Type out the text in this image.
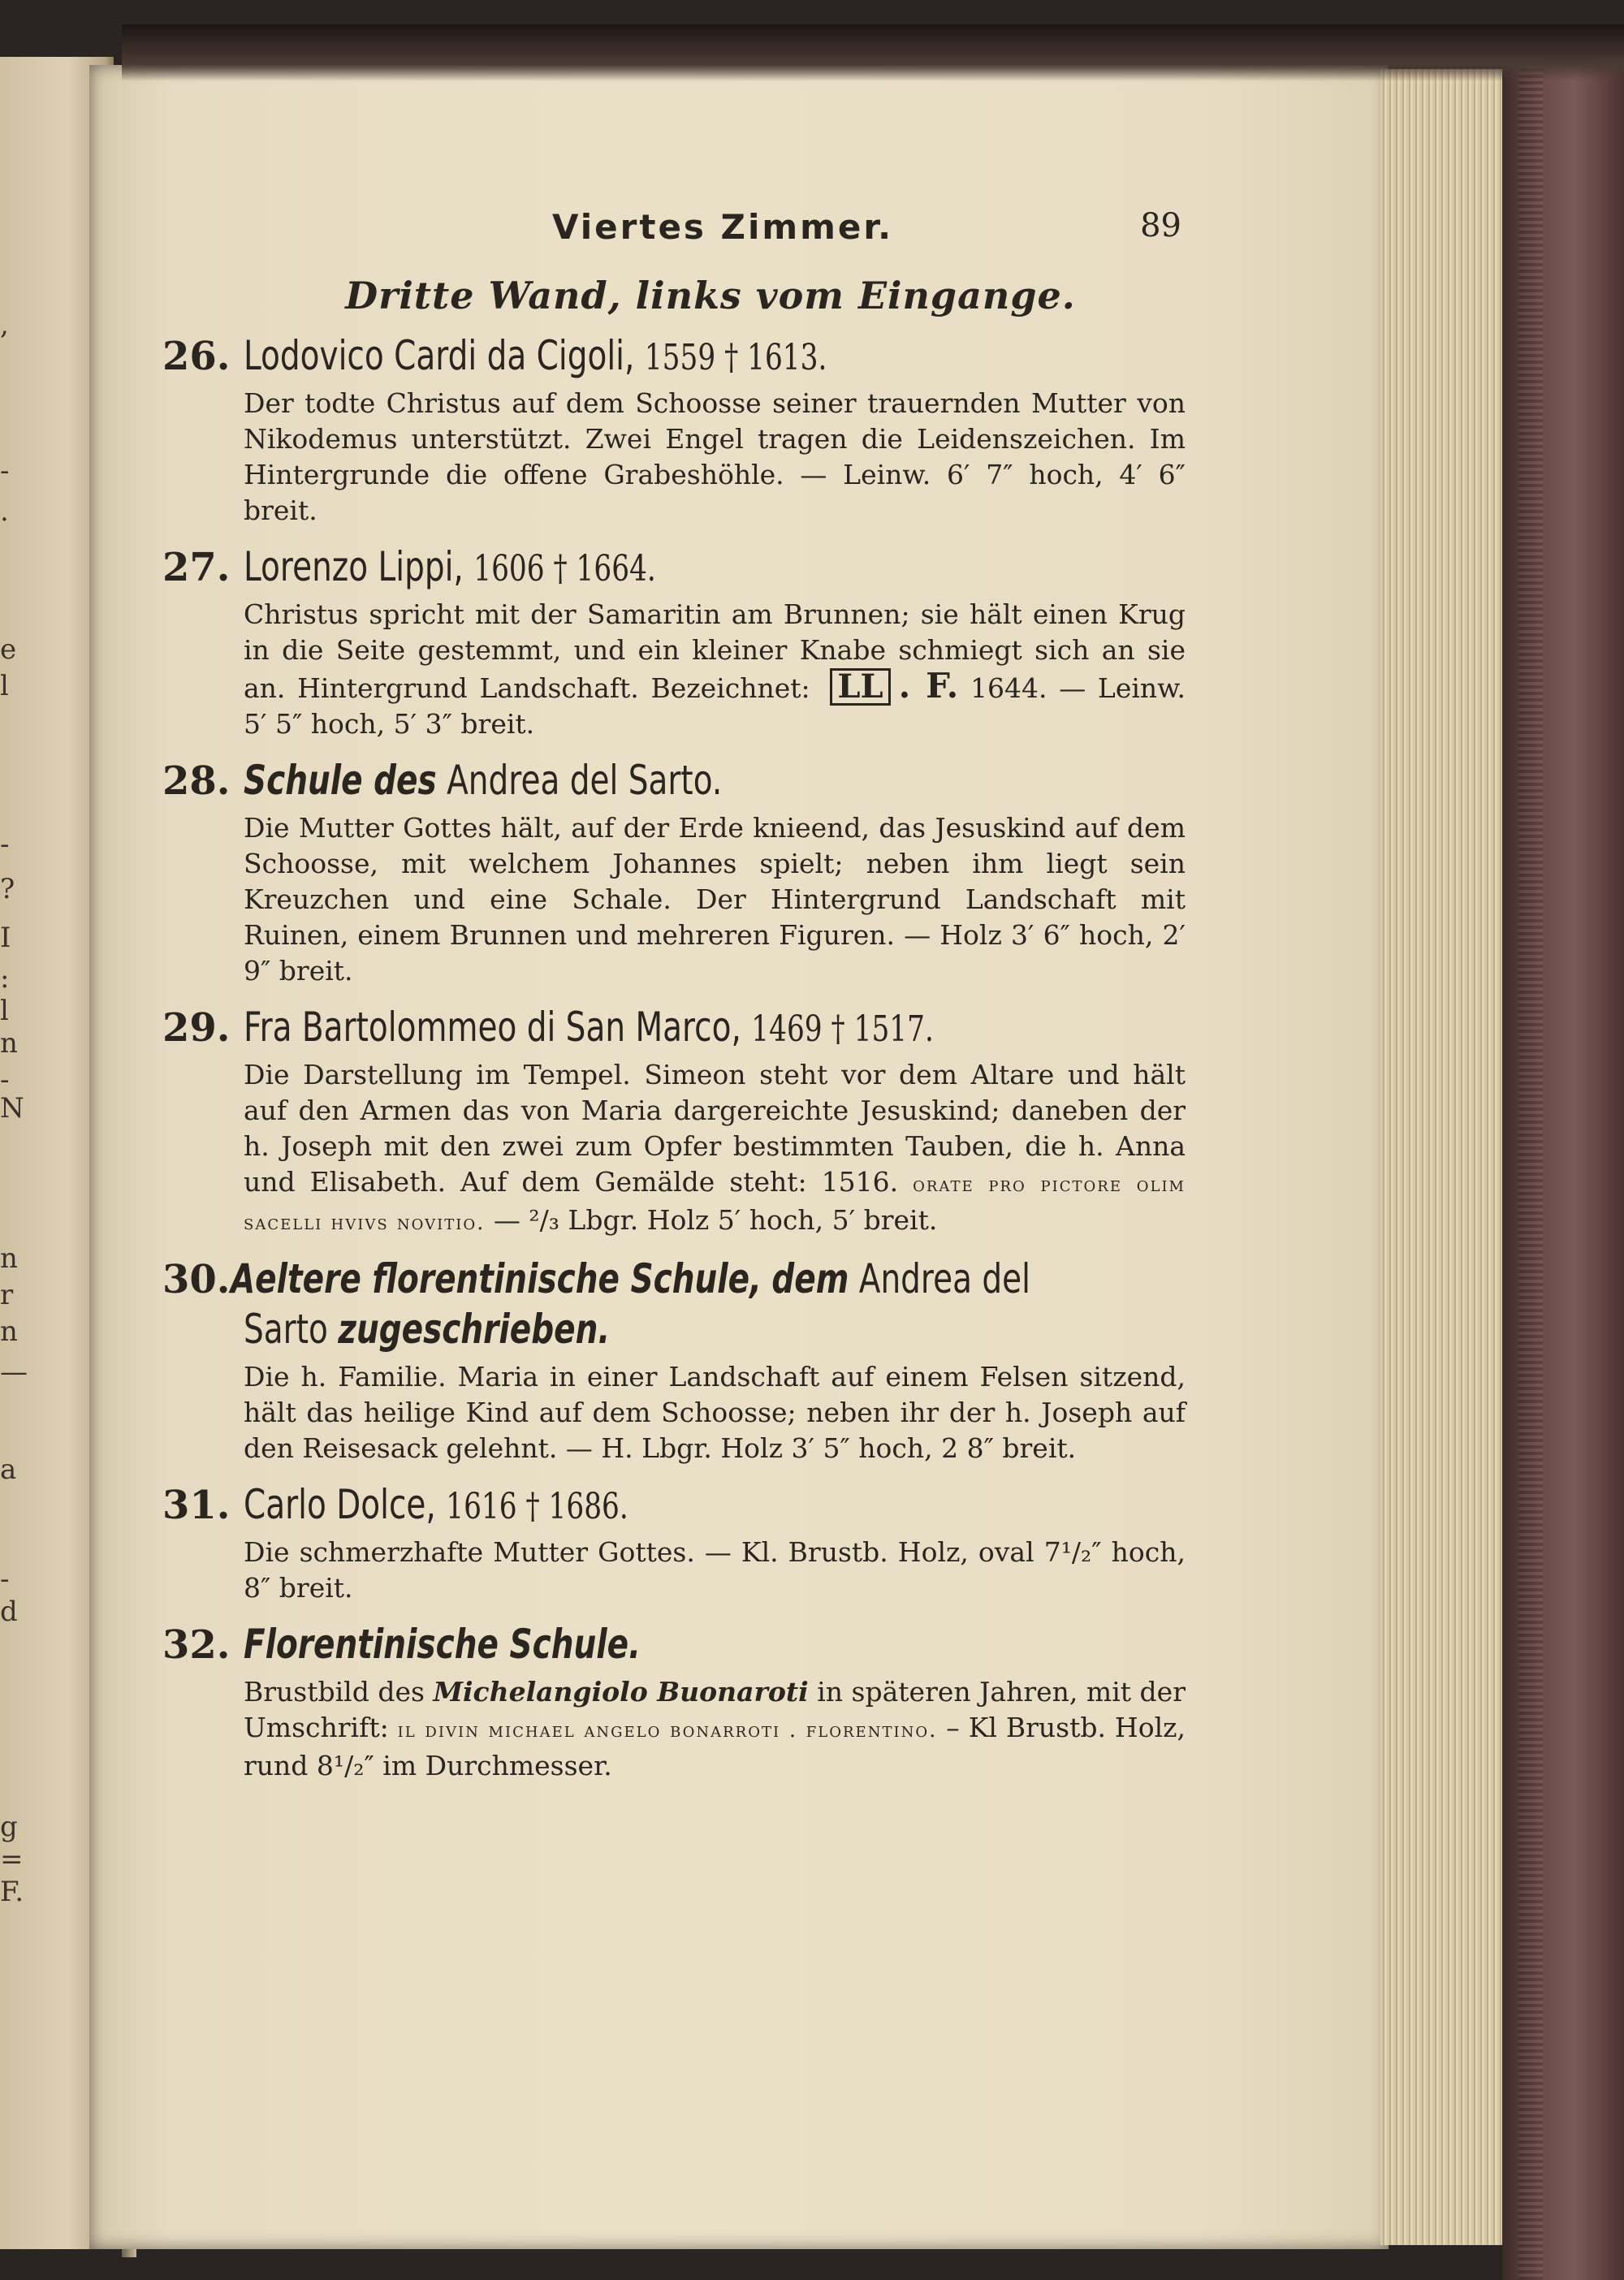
,
-
.
e
l
-
?
I
:
l
n
-
N
n
r
n
—
a
-
d
g
=
F.
Viertes Zimmer.	89
Dritte Wand, links vom Eingange.
26. Lodovico Cardi da Cigoli, 1559 † 1613.
Der todte Christus auf dem Schoosse seiner trauernden Mutter von Nikodemus unterstützt. Zwei Engel tragen die Leidenszeichen. Im Hintergrunde die offene Grabeshöhle. — Leinw. 6′ 7″ hoch, 4′ 6″ breit.
27. Lorenzo Lippi, 1606 † 1664.
Christus spricht mit der Samaritin am Brunnen; sie hält einen Krug in die Seite gestemmt, und ein kleiner Knabe schmiegt sich an sie an. Hintergrund Landschaft. Bezeichnet: LL . F. 1644. — Leinw. 5′ 5″ hoch, 5′ 3″ breit.
28. Schule des Andrea del Sarto.
Die Mutter Gottes hält, auf der Erde knieend, das Jesuskind auf dem Schoosse, mit welchem Johannes spielt; neben ihm liegt sein Kreuzchen und eine Schale. Der Hintergrund Landschaft mit Ruinen, einem Brunnen und mehreren Figuren. — Holz 3′ 6″ hoch, 2′ 9″ breit.
29. Fra Bartolommeo di San Marco, 1469 † 1517.
Die Darstellung im Tempel. Simeon steht vor dem Altare und hält auf den Armen das von Maria dargereichte Jesuskind; daneben der h. Joseph mit den zwei zum Opfer bestimmten Tauben, die h. Anna und Elisabeth. Auf dem Gemälde steht: 1516. orate pro pictore olim sacelli hvivs novitio. — ²/₃ Lbgr. Holz 5′ hoch, 5′ breit.
30. Aeltere florentinische Schule, dem Andrea del
Sarto zugeschrieben.
Die h. Familie. Maria in einer Landschaft auf einem Felsen sitzend, hält das heilige Kind auf dem Schoosse; neben ihr der h. Joseph auf den Reisesack gelehnt. — H. Lbgr. Holz 3′ 5″ hoch, 2 8″ breit.
31. Carlo Dolce, 1616 † 1686.
Die schmerzhafte Mutter Gottes. — Kl. Brustb. Holz, oval 7¹/₂″ hoch, 8″ breit.
32. Florentinische Schule.
Brustbild des Michelangiolo Buonaroti in späteren Jahren, mit der Umschrift: il divin michael angelo bonarroti . florentino. – Kl Brustb. Holz, rund 8¹/₂″ im Durchmesser.
